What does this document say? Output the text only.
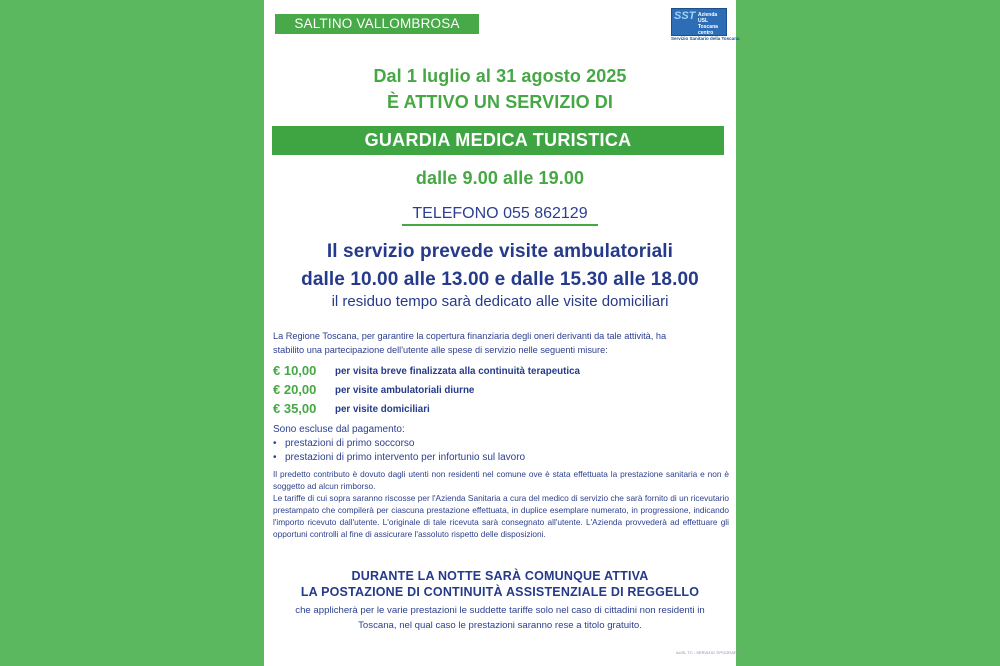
SALTINO VALLOMBROSA	SST Azienda
USL
Toscana
centro
Servizio Sanitario della Toscana
Dal 1 luglio al 31 agosto 2025
È ATTIVO UN SERVIZIO DI
GUARDIA MEDICA TURISTICA
dalle 9.00 alle 19.00
TELEFONO 055 862129
Il servizio prevede visite ambulatoriali
dalle 10.00 alle 13.00 e dalle 15.30 alle 18.00
il residuo tempo sarà dedicato alle visite domiciliari
La Regione Toscana, per garantire la copertura finanziaria degli oneri derivanti da tale attività, ha
stabilito una partecipazione dell'utente alle spese di servizio nelle seguenti misure:
€ 10,00 per visita breve finalizzata alla continuità terapeutica
€ 20,00 per visite ambulatoriali diurne
€ 35,00 per visite domiciliari
Sono escluse dal pagamento:
• prestazioni di primo soccorso
• prestazioni di primo intervento per infortunio sul lavoro
Il predetto contributo è dovuto dagli utenti non residenti nel comune ove è stata effettuata la prestazione sanitaria e non è soggetto ad alcun rimborso.
Le tariffe di cui sopra saranno riscosse per l'Azienda Sanitaria a cura del medico di servizio che sarà fornito di un ricevutario prestampato che compilerà per ciascuna prestazione effettuata, in duplice esemplare numerato, in progressione, indicando l'importo ricevuto dall'utente. L'originale di tale ricevuta sarà consegnato all'utente. L'Azienda provvederà ad effettuare gli opportuni controlli al fine di assicurare l'assoluto rispetto delle disposizioni.
DURANTE LA NOTTE SARÀ COMUNQUE ATTIVA
LA POSTAZIONE DI CONTINUITÀ ASSISTENZIALE DI REGGELLO
che applicherà per le varie prestazioni le suddette tariffe solo nel caso di cittadini non residenti in
Toscana, nel qual caso le prestazioni saranno rese a titolo gratuito.
AUSL TC - SERVIZIO TIPOGRAFICO
